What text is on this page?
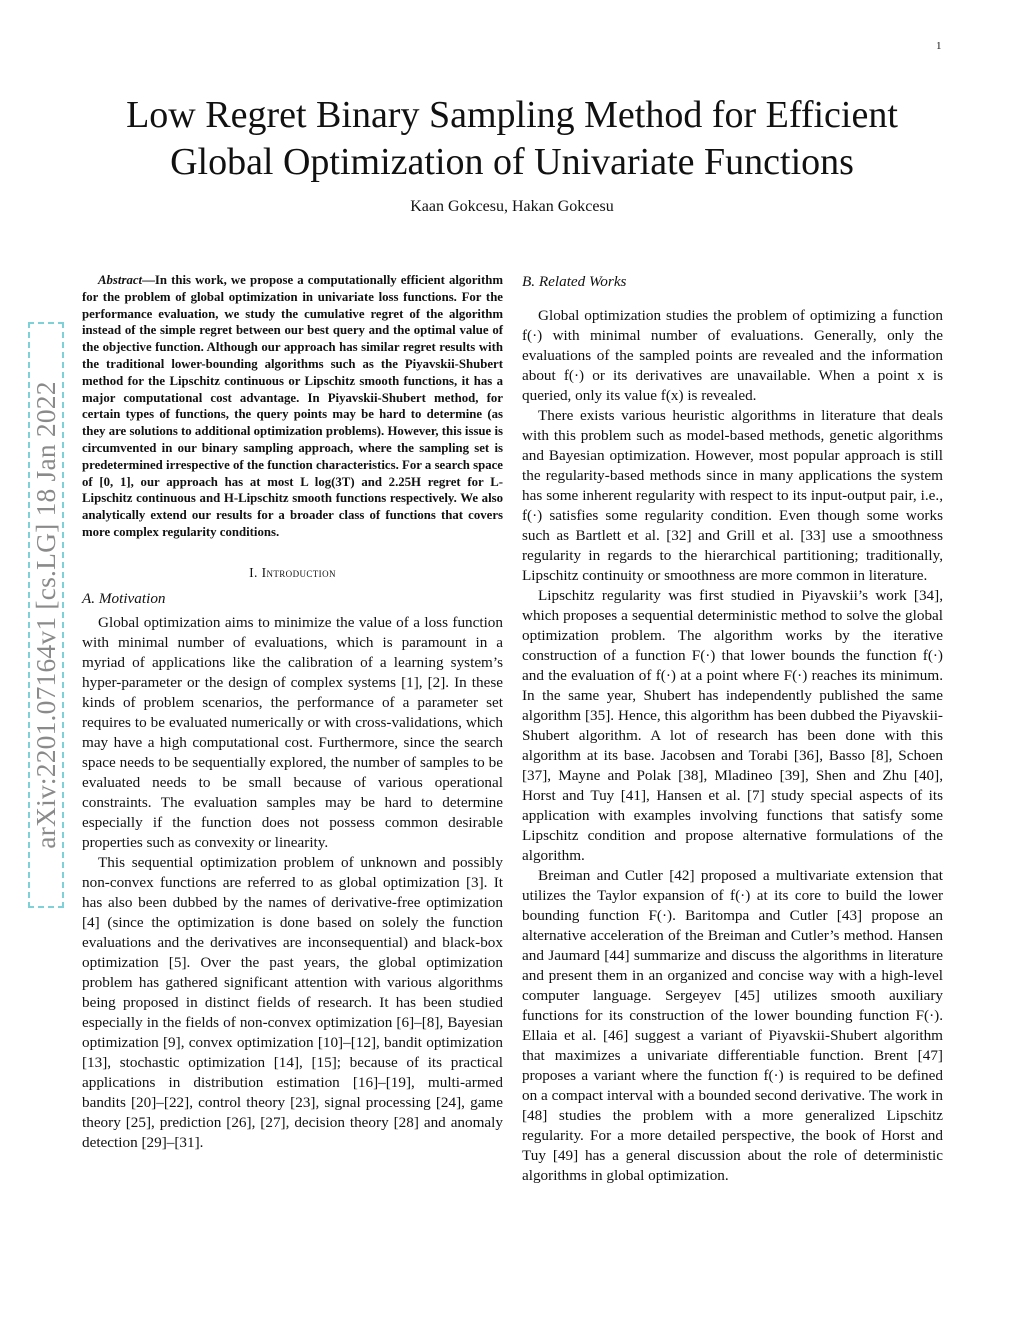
1
arXiv:2201.07164v1 [cs.LG] 18 Jan 2022
Low Regret Binary Sampling Method for Efficient
Global Optimization of Univariate Functions
Kaan Gokcesu, Hakan Gokcesu

Abstract—In this work, we propose a computationally efficient algorithm for the problem of global optimization in univariate loss functions. For the performance evaluation, we study the cumulative regret of the algorithm instead of the simple regret between our best query and the optimal value of the objective function. Although our approach has similar regret results with the traditional lower-bounding algorithms such as the Piyavskii-Shubert method for the Lipschitz continuous or Lipschitz smooth functions, it has a major computational cost advantage. In Piyavskii-Shubert method, for certain types of functions, the query points may be hard to determine (as they are solutions to additional optimization problems). However, this issue is circumvented in our binary sampling approach, where the sampling set is predetermined irrespective of the function characteristics. For a search space of [0, 1], our approach has at most L log(3T) and 2.25H regret for L-Lipschitz continuous and H-Lipschitz smooth functions respectively. We also analytically extend our results for a broader class of functions that covers more complex regularity conditions.

I. Introduction
A. Motivation

Global optimization aims to minimize the value of a loss function with minimal number of evaluations, which is paramount in a myriad of applications like the calibration of a learning system’s hyper-parameter or the design of complex systems [1], [2]. In these kinds of problem scenarios, the performance of a parameter set requires to be evaluated numerically or with cross-validations, which may have a high computational cost. Furthermore, since the search space needs to be sequentially explored, the number of samples to be evaluated needs to be small because of various operational constraints. The evaluation samples may be hard to determine especially if the function does not possess common desirable properties such as convexity or linearity.

This sequential optimization problem of unknown and possibly non-convex functions are referred to as global optimization [3]. It has also been dubbed by the names of derivative-free optimization [4] (since the optimization is done based on solely the function evaluations and the derivatives are inconsequential) and black-box optimization [5]. Over the past years, the global optimization problem has gathered significant attention with various algorithms being proposed in distinct fields of research. It has been studied especially in the fields of non-convex optimization [6]–[8], Bayesian optimization [9], convex optimization [10]–[12], bandit optimization [13], stochastic optimization [14], [15]; because of its practical applications in distribution estimation [16]–[19], multi-armed bandits [20]–[22], control theory [23], signal processing [24], game theory [25], prediction [26], [27], decision theory [28] and anomaly detection [29]–[31].

B. Related Works

Global optimization studies the problem of optimizing a function f(·) with minimal number of evaluations. Generally, only the evaluations of the sampled points are revealed and the information about f(·) or its derivatives are unavailable. When a point x is queried, only its value f(x) is revealed.

There exists various heuristic algorithms in literature that deals with this problem such as model-based methods, genetic algorithms and Bayesian optimization. However, most popular approach is still the regularity-based methods since in many applications the system has some inherent regularity with respect to its input-output pair, i.e., f(·) satisfies some regularity condition. Even though some works such as Bartlett et al. [32] and Grill et al. [33] use a smoothness regularity in regards to the hierarchical partitioning; traditionally, Lipschitz continuity or smoothness are more common in literature.

Lipschitz regularity was first studied in Piyavskii’s work [34], which proposes a sequential deterministic method to solve the global optimization problem. The algorithm works by the iterative construction of a function F(·) that lower bounds the function f(·) and the evaluation of f(·) at a point where F(·) reaches its minimum. In the same year, Shubert has independently published the same algorithm [35]. Hence, this algorithm has been dubbed the Piyavskii-Shubert algorithm. A lot of research has been done with this algorithm at its base. Jacobsen and Torabi [36], Basso [8], Schoen [37], Mayne and Polak [38], Mladineo [39], Shen and Zhu [40], Horst and Tuy [41], Hansen et al. [7] study special aspects of its application with examples involving functions that satisfy some Lipschitz condition and propose alternative formulations of the algorithm.

Breiman and Cutler [42] proposed a multivariate extension that utilizes the Taylor expansion of f(·) at its core to build the lower bounding function F(·). Baritompa and Cutler [43] propose an alternative acceleration of the Breiman and Cutler’s method. Hansen and Jaumard [44] summarize and discuss the algorithms in literature and present them in an organized and concise way with a high-level computer language. Sergeyev [45] utilizes smooth auxiliary functions for its construction of the lower bounding function F(·). Ellaia et al. [46] suggest a variant of Piyavskii-Shubert algorithm that maximizes a univariate differentiable function. Brent [47] proposes a variant where the function f(·) is required to be defined on a compact interval with a bounded second derivative. The work in [48] studies the problem with a more generalized Lipschitz regularity. For a more detailed perspective, the book of Horst and Tuy [49] has a general discussion about the role of deterministic algorithms in global optimization.
